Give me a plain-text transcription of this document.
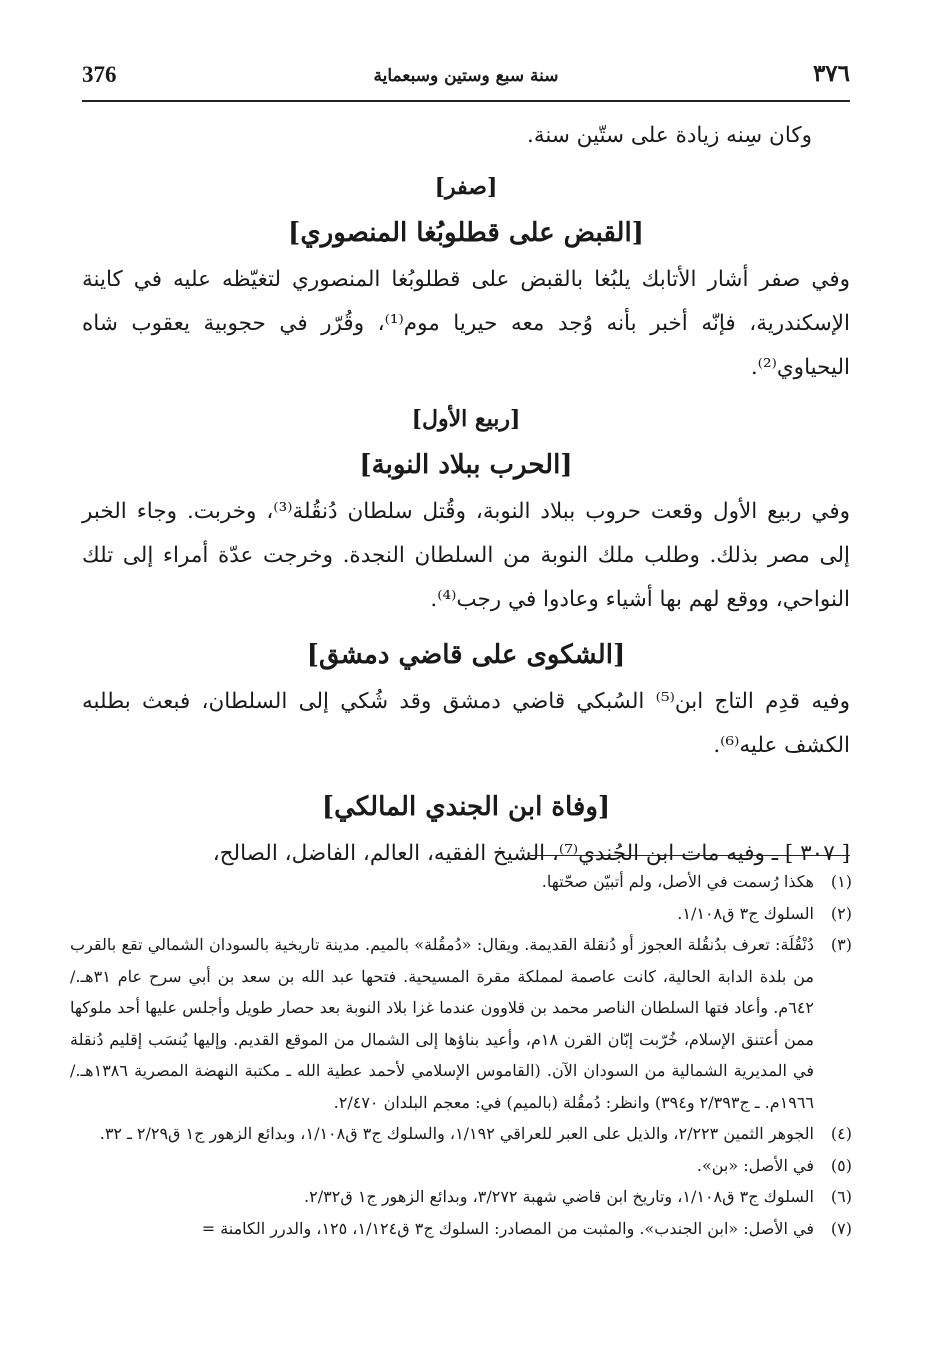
376	سنة سبع وستين وسبعماية	٣٧٦

وكان سِنه زيادة على ستّين سنة.

[صفر]

[القبض على قطلوبُغا المنصوري]

وفي صفر أشار الأتابك يلبُغا بالقبض على قطلوبُغا المنصوري لتغيّظه عليه في كاينة الإسكندرية، فإنّه أخبر بأنه وُجد معه حيريا موم⁽¹⁾، وقُرّر في حجوبية يعقوب شاه اليحياوي⁽²⁾.

[ربيع الأول]

[الحرب ببلاد النوبة]

وفي ربيع الأول وقعت حروب ببلاد النوبة، وقُتل سلطان دُنقُلة⁽³⁾، وخربت. وجاء الخبر إلى مصر بذلك. وطلب ملك النوبة من السلطان النجدة. وخرجت عدّة أمراء إلى تلك النواحي، ووقع لهم بها أشياء وعادوا في رجب⁽⁴⁾.

[الشكوى على قاضي دمشق]

وفيه قدِم التاج ابن⁽⁵⁾ السُبكي قاضي دمشق وقد شُكي إلى السلطان، فبعث بطلبه الكشف عليه⁽⁶⁾.

[وفاة ابن الجندي المالكي]

[ ٣٠٧ ] ـ وفيه مات ابن الجُندي⁽⁷⁾، الشيخ الفقيه، العالم، الفاضل، الصالح،

(١)
هكذا رُسمت في الأصل، ولم أتبيّن صحّتها.
(٢)
السلوك ج٣ ق١/١٠٨.
(٣)
دُنْقُلَة: تعرف بدُنقُلة العجوز أو دُنقلة القديمة. ويقال: «دُمقُلة» بالميم. مدينة تاريخية بالسودان الشمالي تقع بالقرب من بلدة الدابة الحالية، كانت عاصمة لمملكة مقرة المسيحية. فتحها عبد الله بن سعد بن أبي سرح عام ٣١هـ./٦٤٢م. وأعاد فتها السلطان الناصر محمد بن قلاوون عندما غزا بلاد النوبة بعد حصار طويل وأجلس عليها أحد ملوكها ممن أعتنق الإسلام، خُرّبت إبّان القرن ١٨م، وأعيد بناؤها إلى الشمال من الموقع القديم. وإليها يُنسَب إقليم دُنقلة في المديرية الشمالية من السودان الآن. (القاموس الإسلامي لأحمد عطية الله ـ مكتبة النهضة المصرية ١٣٨٦هـ./١٩٦٦م. ـ ج٢/٣٩٣ و٣٩٤) وانظر: دُمقُلة (بالميم) في: معجم البلدان ٢/٤٧٠.
(٤)
الجوهر الثمين ٢/٢٢٣، والذيل على العبر للعراقي ١/١٩٢، والسلوك ج٣ ق١/١٠٨، وبدائع الزهور ج١ ق٢/٢٩ ـ ٣٢.
(٥)
في الأصل: «بن».
(٦)
السلوك ج٣ ق١/١٠٨، وتاريخ ابن قاضي شهبة ٣/٢٧٢، وبدائع الزهور ج١ ق٢/٣٢.
(٧)
في الأصل: «ابن الجندب». والمثبت من المصادر: السلوك ج٣ ق١/١٢٤، ١٢٥، والدرر الكامنة =
